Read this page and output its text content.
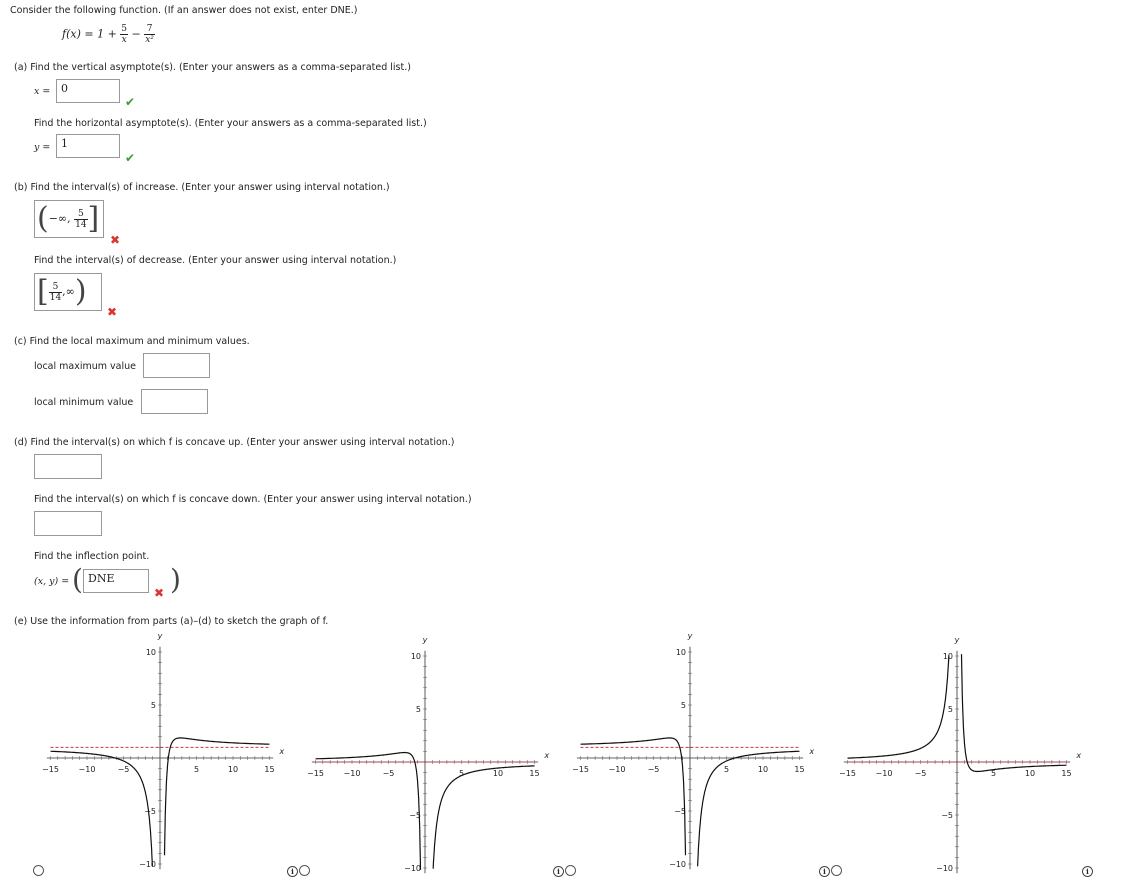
Consider the following function. (If an answer does not exist, enter DNE.)
$f(x) = 1 + \frac{5}{x} - \frac{7}{\text{x²}}$
(a) Find the vertical asymptote(s). (Enter your answers as a comma-separated list.)
x = 0
✔
Find the horizontal asymptote(s). (Enter your answers as a comma-separated list.)
y = 1
✔
(b) Find the interval(s) of increase. (Enter your answer using interval notation.)
(−∞, $\frac{5}{14}$ ]
✖
Find the interval(s) of decrease. (Enter your answer using interval notation.)
[ $\frac{5}{14}$ ,∞)
✖
(c) Find the local maximum and minimum values.
local maximum value
local minimum value
(d) Find the interval(s) on which f is concave up. (Enter your answer using interval notation.)
Find the interval(s) on which f is concave down. (Enter your answer using interval notation.)
Find the inflection point.
(x, y) = ( DNE	)
✖
(e) Use the information from parts (a)–(d) to sketch the graph of f.
i	i	i	i
−15 −10	−5	5	10	15
10
5
−5
−10
x
y
−15 −10	−5	5	10	15
10
5
−5
−10
x
y
−15 −10	−5	5	10	15
10
5
−5
−10
x
y
−15 −10	−5	5	10	15
10
5
−5
−10
x
y
